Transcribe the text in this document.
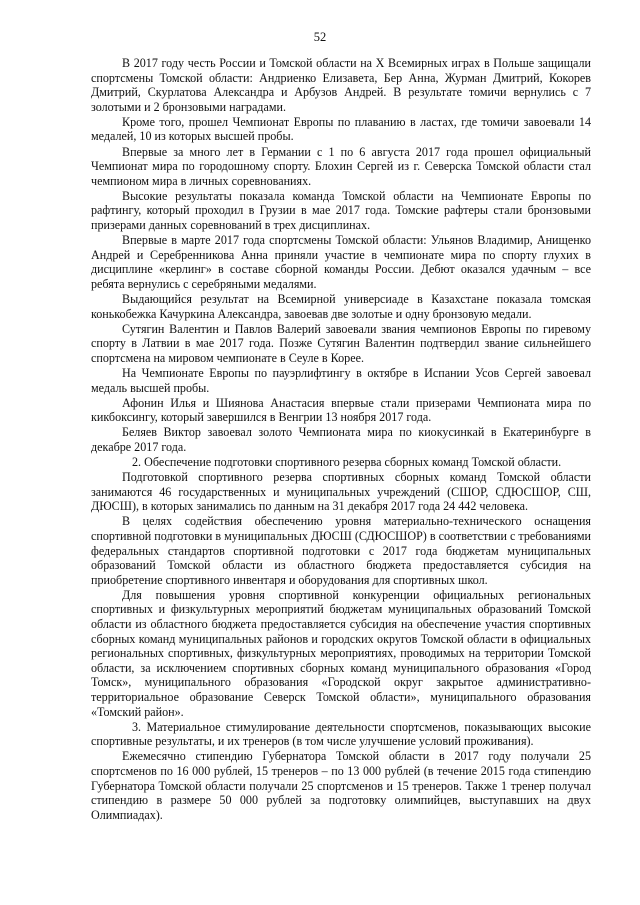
52

В 2017 году честь России и Томской области на X Всемирных играх в Польше защищали спортсмены Томской области: Андриенко Елизавета, Бер Анна, Журман Дмитрий, Кокорев Дмитрий, Скурлатова Александра и Арбузов Андрей. В результате томичи вернулись с 7 золотыми и 2 бронзовыми наградами.

Кроме того, прошел Чемпионат Европы по плаванию в ластах, где томичи завоевали 14 медалей, 10 из которых высшей пробы.

Впервые за много лет в Германии с 1 по 6 августа 2017 года прошел официальный Чемпионат мира по городошному спорту. Блохин Сергей из г. Северска Томской области стал чемпионом мира в личных соревнованиях.

Высокие результаты показала команда Томской области на Чемпионате Европы по рафтингу, который проходил в Грузии в мае 2017 года. Томские рафтеры стали бронзовыми призерами данных соревнований в трех дисциплинах.

Впервые в марте 2017 года спортсмены Томской области: Ульянов Владимир, Анищенко Андрей и Серебренникова Анна приняли участие в чемпионате мира по спорту глухих в дисциплине «керлинг» в составе сборной команды России. Дебют оказался удачным – все ребята вернулись с серебряными медалями.

Выдающийся результат на Всемирной универсиаде в Казахстане показала томская конькобежка Качуркина Александра, завоевав две золотые и одну бронзовую медали.

Сутягин Валентин и Павлов Валерий завоевали звания чемпионов Европы по гиревому спорту в Латвии в мае 2017 года. Позже Сутягин Валентин подтвердил звание сильнейшего спортсмена на мировом чемпионате в Сеуле в Корее.

На Чемпионате Европы по пауэрлифтингу в октябре в Испании Усов Сергей завоевал медаль высшей пробы.

Афонин Илья и Шиянова Анастасия впервые стали призерами Чемпионата мира по кикбоксингу, который завершился в Венгрии 13 ноября 2017 года.

Беляев Виктор завоевал золото Чемпионата мира по киокусинкай в Екатеринбурге в декабре 2017 года.

2. Обеспечение подготовки спортивного резерва сборных команд Томской области.

Подготовкой спортивного резерва спортивных сборных команд Томской области занимаются 46 государственных и муниципальных учреждений (СШОР, СДЮСШОР, СШ, ДЮСШ), в которых занимались по данным на 31 декабря 2017 года 24 442 человека.

В целях содействия обеспечению уровня материально-технического оснащения спортивной подготовки в муниципальных ДЮСШ (СДЮСШОР) в соответствии с требованиями федеральных стандартов спортивной подготовки с 2017 года бюджетам муниципальных образований Томской области из областного бюджета предоставляется субсидия на приобретение спортивного инвентаря и оборудования для спортивных школ.

Для повышения уровня спортивной конкуренции официальных региональных спортивных и физкультурных мероприятий бюджетам муниципальных образований Томской области из областного бюджета предоставляется субсидия на обеспечение участия спортивных сборных команд муниципальных районов и городских округов Томской области в официальных региональных спортивных, физкультурных мероприятиях, проводимых на территории Томской области, за исключением спортивных сборных команд муниципального образования «Город Томск», муниципального образования «Городской округ закрытое административно-территориальное образование Северск Томской области», муниципального образования «Томский район».

3. Материальное стимулирование деятельности спортсменов, показывающих высокие спортивные результаты, и их тренеров (в том числе улучшение условий проживания).

Ежемесячно стипендию Губернатора Томской области в 2017 году получали 25 спортсменов по 16 000 рублей, 15 тренеров – по 13 000 рублей (в течение 2015 года стипендию Губернатора Томской области получали 25 спортсменов и 15 тренеров. Также 1 тренер получал стипендию в размере 50 000 рублей за подготовку олимпийцев, выступавших на двух Олимпиадах).
